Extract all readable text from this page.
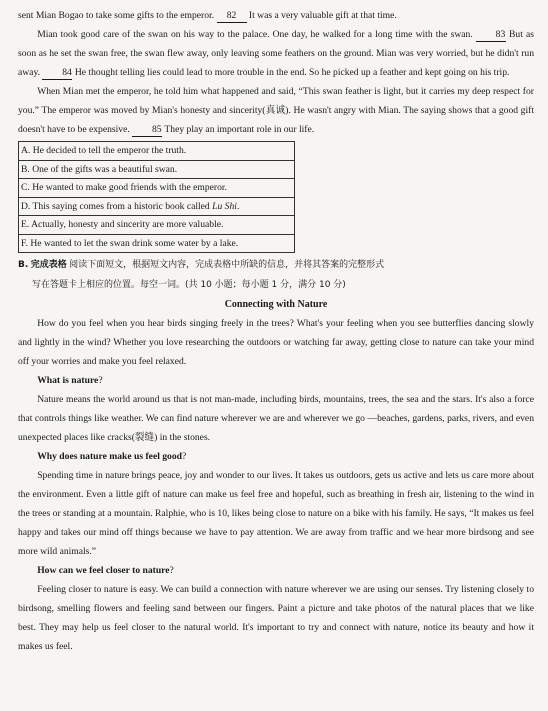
sent Mian Bogao to take some gifts to the emperor. 82 It was a very valuable gift at that time.

Mian took good care of the swan on his way to the palace. One day, he walked for a long time with the swan. 83 But as soon as he set the swan free, the swan flew away, only leaving some feathers on the ground. Mian was very worried, but he didn't run away. 84 He thought telling lies could lead to more trouble in the end. So he picked up a feather and kept going on his trip.

When Mian met the emperor, he told him what happened and said, “This swan feather is light, but it carries my deep respect for you.” The emperor was moved by Mian's honesty and sincerity(真诚). He wasn't angry with Mian. The saying shows that a good gift doesn't have to be expensive. 85 They play an important role in our life.

A. He decided to tell the emperor the truth.
B. One of the gifts was a beautiful swan.
C. He wanted to make good friends with the emperor.
D. This saying comes from a historic book called Lu Shi.
E. Actually, honesty and sincerity are more valuable.
F. He wanted to let the swan drink some water by a lake.
B. 完成表格 阅读下面短文，根据短文内容，完成表格中所缺的信息，并将其答案的完整形式
写在答题卡上相应的位置。每空一词。(共 10 小题；每小题 1 分，满分 10 分)
Connecting with Nature

How do you feel when you hear birds singing freely in the trees? What's your feeling when you see butterflies dancing slowly and lightly in the wind? Whether you love researching the outdoors or watching far away, getting close to nature can take your mind off your worries and make you feel relaxed.

What is nature?

Nature means the world around us that is not man-made, including birds, mountains, trees, the sea and the stars. It's also a force that controls things like weather. We can find nature wherever we are and wherever we go —beaches, gardens, parks, rivers, and even unexpected places like cracks(裂缝) in the stones.

Why does nature make us feel good?

Spending time in nature brings peace, joy and wonder to our lives. It takes us outdoors, gets us active and lets us care more about the environment. Even a little gift of nature can make us feel free and hopeful, such as breathing in fresh air, listening to the wind in the trees or standing at a mountain. Ralphie, who is 10, likes being close to nature on a bike with his family. He says, “It makes us feel happy and takes our mind off things because we have to pay attention. We are away from traffic and we hear more birdsong and see more wild animals.”

How can we feel closer to nature?

Feeling closer to nature is easy. We can build a connection with nature wherever we are using our senses. Try listening closely to birdsong, smelling flowers and feeling sand between our fingers. Paint a picture and take photos of the natural places that we like best. They may help us feel closer to the natural world. It's important to try and connect with nature, notice its beauty and how it makes us feel.
